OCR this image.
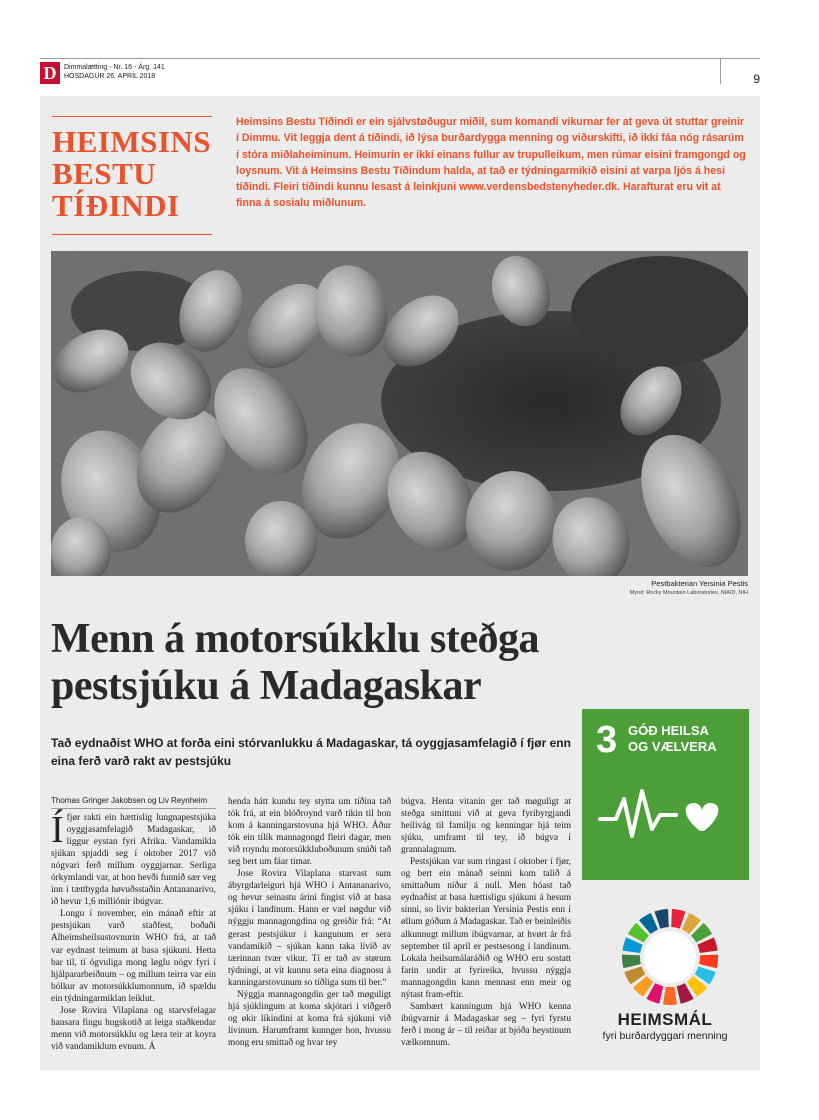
D	Dimmalætting - Nr. 16 - Árg. 141
HÓSDAGUR 26. APRÍL 2018	9
HEIMSINS
BESTU
TÍÐINDI
Heimsins Bestu Tíðindi er ein sjálvstøðugur miðil, sum komandi vikurnar fer at geva út stuttar greinir í Dimmu. Vit leggja dent á tíðindi, ið lýsa burðardygga menning og viðurskifti, ið ikki fáa nóg rásarúm í stóra miðlaheiminum. Heimurin er ikki einans fullur av trupulleikum, men rúmar eisini framgongd og loysnum. Vit á Heimsins Bestu Tíðindum halda, at tað er týdningarmikið eisini at varpa ljós á hesi tíðindi. Fleiri tíðindi kunnu lesast á leinkjuni www.verdensbedstenyheder.dk. Harafturat eru vit at finna á sosialu miðlunum.
Pestbakterian Yersinia Pestis
Mynd: Rocky Mountain Laboratories, NIAID, NIH
Menn á motorsúkklu steðga
pestsjúku á Madagaskar
Tað eydnaðist WHO at forða eini stórvanlukku á Madagaskar, tá oyggjasamfelagið í fjør enn eina ferð varð rakt av pestsjúku	3 GÓÐ HEILSA
OG VÆLVERA
HEIMSMÁL
fyri burðardyggari menning
Thomas Gringer Jakobsen og Liv Reynheim

Ífjør rakti ein hættislig lungnapestsjúka oyggjasamfelagið Madagaskar, ið liggur eystan fyri Afrika. Vandamikla sjúkan spjaddi seg í oktober 2017 við nógvari ferð millum oyggjarnar. Serliga órkymlandi var, at hon hevði funnið sær veg inn í tættbygda høvuðsstaðin Antananarivo, ið hevur 1,6 milliónir íbúgvar.

Longu í november, ein mánað eftir at pestsjúkan varð staðfest, boðaði Alheimsheilsustovnurin WHO frá, at tað var eydnast teimum at basa sjúkuni. Hetta bar til, tí ógvuliga mong løglu nógv fyri í hjálpararbeiðnum – og millum teirra var ein bólkur av motorsúkklumonnum, ið spældu ein týdningarmiklan leiklut.

Jose Rovira Vilaplana og starvsfelagar hansara fingu hugskotið at leiga staðkendar menn við motorsúkklu og læra teir at koyra við vandamiklum evnum. Á

henda hátt kundu tey stytta um tíðina tað tók frá, at ein blóðroynd varð tikin til hon kom á kanningarstovuna hjá WHO. Áður tók ein tílík mannagongd fleiri dagar, men við royndu motorsúkkluboðunum snúði tað seg bert um fáar tímar.

Jose Rovira Vilaplana starvast sum ábyrgdarleiguri hjá WHO í Antananarivo, og hevur seinastu árini fingist við at basa sjúku í landinum. Hann er væl nøgdur við nýggju mannagongdina og greiðir frá: “At gerast pestsjúkur í kangunum er sera vandamikið – sjúkan kann taka lívið av tærinnan tvær vikur. Tí er tað av størum týdningi, at vit kunnu seta eina diagnosu á kanningarstovunum so tíðliga sum til ber.”

Nýggja mannagongdin ger tað møguligt hjá sjúklingum at koma skjótari í viðgerð og økir líkindini at koma frá sjúkuni við lívinum. Harumframt kunnger hon, hvussu mong eru smittað og hvar tey

búgva. Henta vitanin ger tað møguligt at steðga smittuni við at geva fyribyrgjandi heilivág til familju og kenningar hjá teim sjúku, umframt til tey, ið búgva í grannalagnum.

Pestsjúkan var sum ringast í oktober í fjør, og bert ein mánað seinni kom talið á smittaðum niður á null. Men hóast tað eydnaðist at basa hættisligu sjúkuni á hesum sinni, so livir bakterian Yersinia Pestis enn í øllum góðum á Madagaskar. Tað er beinleiðis alkunnugt millum íbúgvarnar, at hvørt ár frá september til apríl er pestsesong í landinum. Lokala heilsumálaráðið og WHO eru sostatt farin undir at fyrireika, hvussu nýggja mannagongdin kann mennast enn meir og nýtast fram-eftir.

Sambært kanningum hjá WHO kenna íbúgvarnir á Madagaskar seg – fyri fyrstu ferð í mong ár – til reiðar at bjóða heystinum vælkomnum.
